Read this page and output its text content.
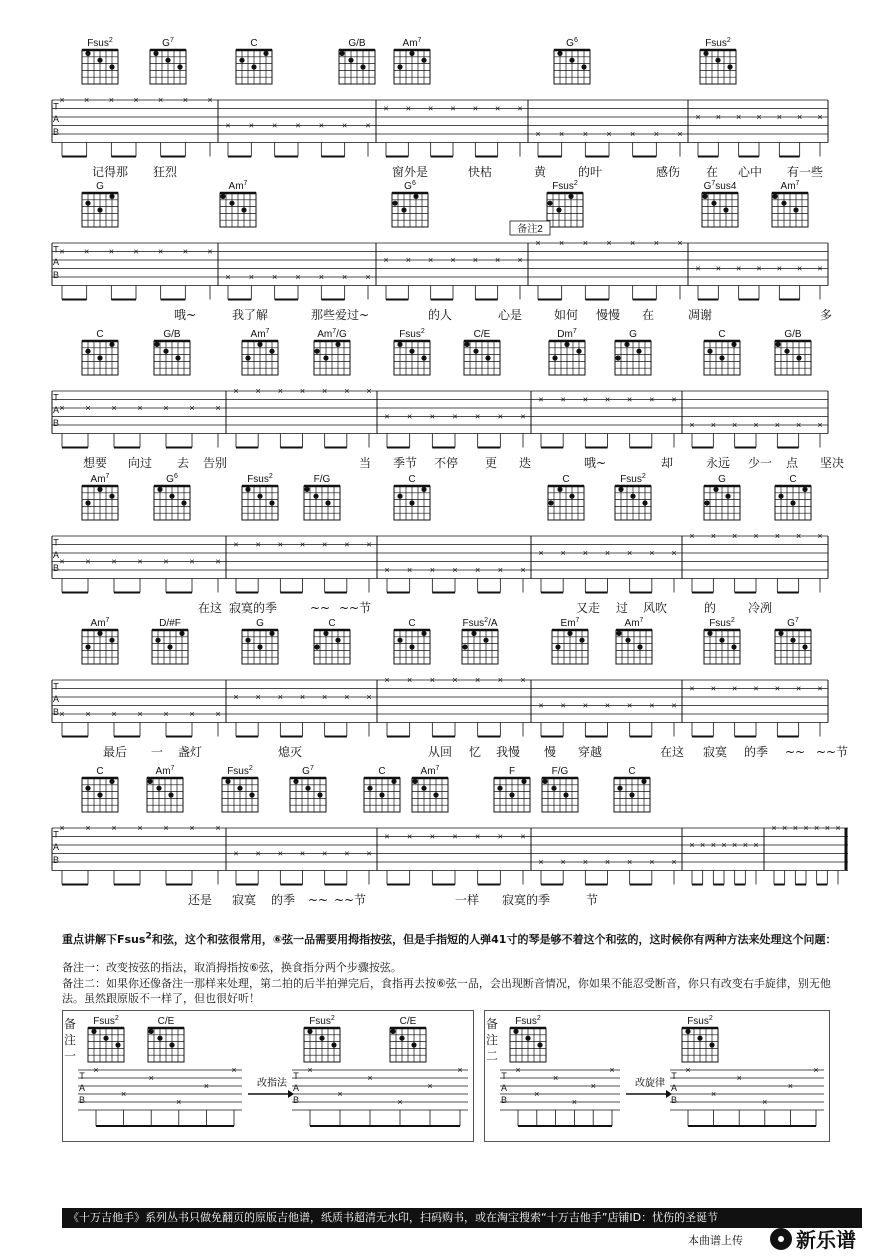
Fsus$^2$	$G^7$	C	G/B	Am$^7$	$G^6$	Fsus$^2$
T
A
B
× × × × × × ×
× × × × × × ×
× × × × × × ×
× × × × × × ×
× × × × × × ×
记得那 狂烈	窗外是	快枯	黄	的叶	感伤 在 心中 有一些
G	Am$^7$	$G^6$	Fsus$^2$	$G^7sus4$	Am$^7$
T
A
B
× × × × × × ×
× × × × × × ×
× × × × × × ×
× × × × × × ×
× × × × × × ×
哦~	我了解	那些爱过~	的人	心是	如何 慢慢 在	凋谢	多
C	G/B	Am$^7$	Am$^7$/G	Fsus$^2$	C/E	Dm$^7$	G	C	G/B
T
A
B
× × × × × × ×
× × × × × × ×
× × × × × × ×
× × × × × × ×
× × × × × × ×
想要 向过 去 告别	当 季节 不停 更 迭	哦~	却	永远 少一 点 坚决
Am$^7$	$G^6$	Fsus$^2$	F/G	C	C	Fsus$^2$	G	C
T
A
B
× × × × × × ×
× × × × × × ×
× × × × × × ×
× × × × × × ×
× × × × × × ×
在这 寂寞的季	~~ ~~节	又走 过 风吹	的	冷冽
Am$^7$	D/#F	G	C	C	Fsus$^2$/A	Em$^7$	Am$^7$	Fsus$^2$	$G^7$
T
A
B × × × × × × ×
× × × × × × ×
× × × × × × ×
× × × × × × ×
× × × × × × ×
最后 一 盏灯	熄灭	从回 忆 我慢 慢 穿越	在这 寂寞 的季 ~~ ~~节
C	Am$^7$	Fsus$^2$	$G^7$	C	Am$^7$	F	F/G	C
T
A
B
× × × × × × ×
× × × × × × ×
× × × × × × ×
× × × × × × ×
× × × × × × ×
× × × × × × ×
还是 寂寞 的季 ~~ ~~节	一样 寂寞的季	节
备注2
备
注
一
Fsus$^2$	C/E	Fsus$^2$	C/E
T
A
B
×
×
×
×
×
×
T
A
B
×
×
×
×
×
×
改指法
备
注
二
Fsus$^2$	Fsus$^2$
T
A
B
×
×
×
×
×
×
T
A
B
×
×
×
×
×
×
改旋律
重点讲解下Fsus$^2$和弦，这个和弦很常用，⑥弦一品需要用拇指按弦，但是手指短的人弹41寸的琴是够不着这个和弦的，这时候你有两种方法来处理这个问题：
备注一：改变按弦的指法，取消拇指按⑥弦，换食指分两个步骤按弦。
备注二：如果你还像备注一那样来处理，第二拍的后半拍弹完后，食指再去按⑥弦一品，会出现断音情况，你如果不能忍受断音，你只有改变右手旋律，别无他法。虽然跟原版不一样了，但也很好听！
《十万吉他手》系列丛书只做免翻页的原版吉他谱，纸质书超清无水印，扫码购书，或在淘宝搜索“十万吉他手”店铺ID：忧伤的圣诞节
本曲谱上传	新乐谱
